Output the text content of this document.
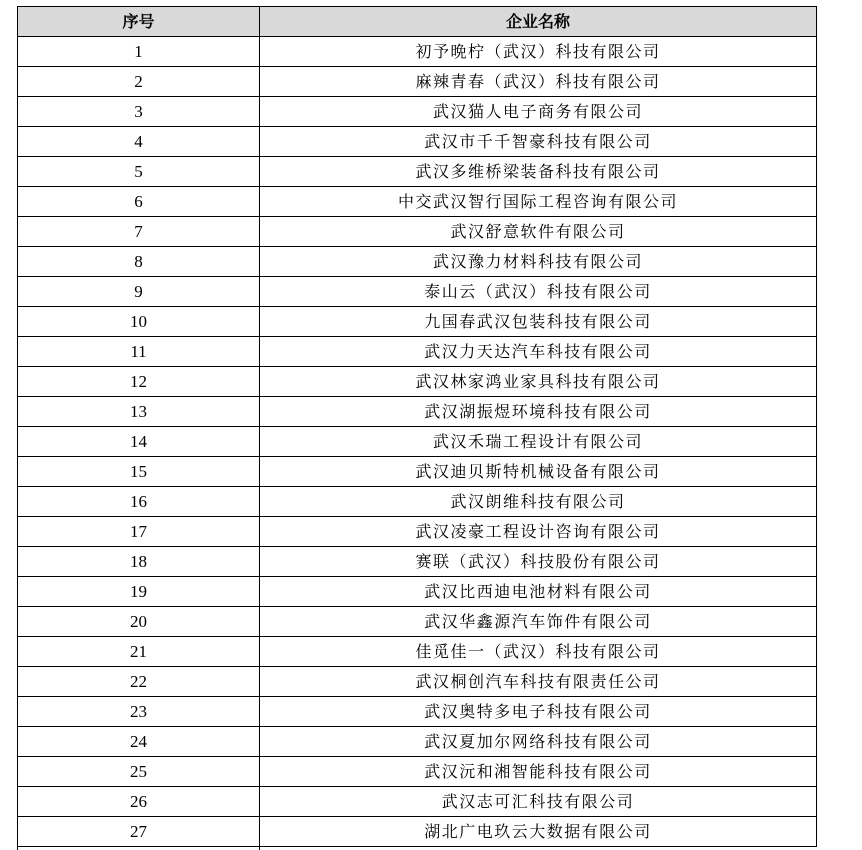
序号	企业名称
1	初予晩柠（武汉）科技有限公司
2	麻辣青春（武汉）科技有限公司
3	武汉猫人电子商务有限公司
4	武汉市千千智豪科技有限公司
5	武汉多维桥梁装备科技有限公司
6	中交武汉智行国际工程咨询有限公司
7	武汉舒意软件有限公司
8	武汉豫力材料科技有限公司
9	泰山云（武汉）科技有限公司
10	九国春武汉包装科技有限公司
11	武汉力天达汽车科技有限公司
12	武汉林家鸿业家具科技有限公司
13	武汉湖振煜环境科技有限公司
14	武汉禾瑞工程设计有限公司
15	武汉迪贝斯特机械设备有限公司
16	武汉朗维科技有限公司
17	武汉凌豪工程设计咨询有限公司
18	赛联（武汉）科技股份有限公司
19	武汉比西迪电池材料有限公司
20	武汉华鑫源汽车饰件有限公司
21	佳觅佳一（武汉）科技有限公司
22	武汉桐创汽车科技有限责任公司
23	武汉奥特多电子科技有限公司
24	武汉夏加尔网络科技有限公司
25	武汉沅和湘智能科技有限公司
26	武汉志可汇科技有限公司
27	湖北广电玖云大数据有限公司
